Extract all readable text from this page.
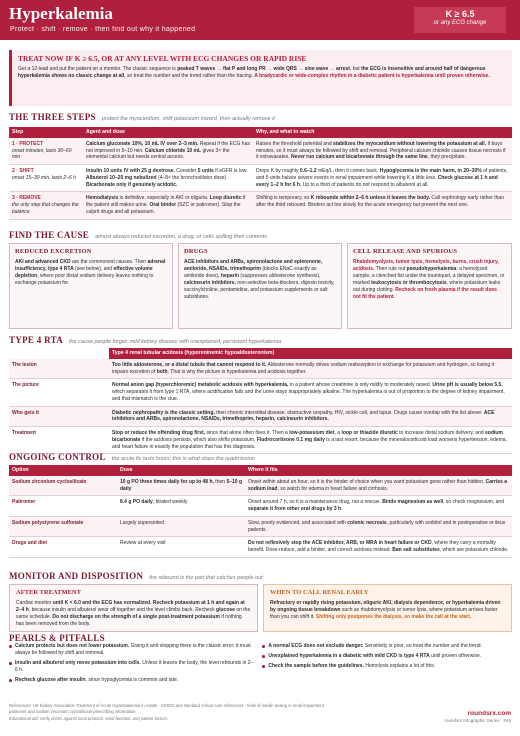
Hyperkalemia
Protect · shift · remove · then find out why it happened
K ≥ 6.5
or any ECG change
TREAT NOW IF K ≥ 6.5, OR AT ANY LEVEL WITH ECG CHANGES OR RAPID RISE

Get a 12-lead and put the patient on a monitor. The classic sequence is peaked T waves → flat P and long PR → wide QRS → sine wave → arrest, but the ECG is insensitive and around half of dangerous hyperkalemia shows no classic change at all, so treat the number and the trend rather than the tracing. A bradycardic or wide-complex rhythm in a diabetic patient is hyperkalemia until proven otherwise.

THE THREE STEPS protect the myocardium, shift potassium inward, then actually remove it
Step	Agent and dose	Why, and what to watch
1 · PROTECT
onset minutes, lasts 30–60 min	Calcium gluconate 10%, 10 mL IV over 2–3 min. Repeat if the ECG has not improved in 5–10 min. Calcium chloride 10 mL gives 3× the elemental calcium but needs central access.	Raises the threshold potential and stabilizes the myocardium without lowering the potassium at all. It buys minutes, so it must always be followed by shift and removal. Peripheral calcium chloride causes tissue necrosis if it extravasates. Never run calcium and bicarbonate through the same line, they precipitate.
2 · SHIFT
onset 15–30 min, lasts 2–6 h	Insulin 10 units IV with 25 g dextrose. Consider 5 units if eGFR is low. Albuterol 10–20 mg nebulized (4–8× the bronchodilator dose). Bicarbonate only if genuinely acidotic.	Drops K by roughly 0.6–1.2 mEq/L, then it comes back. Hypoglycemia is the main harm, in 20–30% of patients, and 5 units halves severe events in renal impairment while lowering K a little less. Check glucose at 1 h and every 1–2 h for 6 h. Up to a third of patients do not respond to albuterol at all.
3 · REMOVE
the only step that changes the balance	Hemodialysis is definitive, especially in AKI or oliguria. Loop diuretic if the patient still makes urine. Oral binder (SZC or patiromer). Stop the culprit drugs and all potassium.	Shifting is temporary, so K rebounds within 2–6 h unless it leaves the body. Call nephrology early rather than after the third rebound. Binders act too slowly for the acute emergency but prevent the next one.
FIND THE CAUSE almost always reduced excretion, a drug, or cells spilling their contents
REDUCED EXCRETION

AKI and advanced CKD are the commonest causes. Then adrenal insufficiency, type 4 RTA (see below), and effective volume depletion, where poor distal sodium delivery leaves nothing to exchange potassium for.

DRUGS

ACE inhibitors and ARBs, spironolactone and eplerenone, amiloride, NSAIDs, trimethoprim (blocks ENaC exactly as amiloride does), heparin (suppresses aldosterone synthesis), calcineurin inhibitors, non-selective beta-blockers, digoxin toxicity, succinylcholine, pentamidine, and potassium supplements or salt substitutes.

CELL RELEASE AND SPURIOUS

Rhabdomyolysis, tumor lysis, hemolysis, burns, crush injury, acidosis. Then rule out pseudohyperkalemia: a hemolyzed sample, a clenched fist under the tourniquet, a delayed specimen, or marked leukocytosis or thrombocytosis, where potassium leaks out during clotting. Recheck on fresh plasma if the result does not fit the patient.

TYPE 4 RTA the cause people forget: mild kidney disease with unexplained, persistent hyperkalemia
	Type 4 renal tubular acidosis (hyporeninemic hypoaldosteronism)
The lesion	Too little aldosterone, or a distal tubule that cannot respond to it. Aldosterone normally drives sodium reabsorption in exchange for potassium and hydrogen, so losing it impairs excretion of both. That is why the picture is hyperkalemia and acidosis together.
The picture	Normal anion gap (hyperchloremic) metabolic acidosis with hyperkalemia, in a patient whose creatinine is only mildly to moderately raised. Urine pH is usually below 5.5, which separates it from type 1 RTA, where acidification fails and the urine stays inappropriately alkaline. The hyperkalemia is out of proportion to the degree of kidney impairment, and that mismatch is the clue.
Who gets it	Diabetic nephropathy is the classic setting, then chronic interstitial disease, obstructive uropathy, HIV, sickle cell, and lupus. Drugs cause overlap with the list above: ACE inhibitors and ARBs, spironolactone, NSAIDs, trimethoprim, heparin, calcineurin inhibitors.
Treatment	Stop or reduce the offending drug first, since that alone often fixes it. Then a low-potassium diet, a loop or thiazide diuretic to increase distal sodium delivery, and sodium bicarbonate if the acidosis persists, which also shifts potassium. Fludrocortisone 0.1 mg daily is a last resort, because the mineralocorticoid load worsens hypertension, edema, and heart failure in exactly the population that has this diagnosis.
ONGOING CONTROL the acute fix lasts hours; this is what stops the readmission
Option	Dose	Where it fits
Sodium zirconium cyclosilicate	10 g PO three times daily for up to 48 h, then 5–10 g daily	Onset within about an hour, so it is the binder of choice when you want potassium gone rather than hidden. Carries a sodium load, so watch for edema in heart failure and cirrhosis.
Patiromer	8.4 g PO daily, titrated weekly	Onset around 7 h, so it is a maintenance drug, not a rescue. Binds magnesium as well, so check magnesium, and separate it from other oral drugs by 3 h.
Sodium polystyrene sulfonate	Largely superseded	Slow, poorly evidenced, and associated with colonic necrosis, particularly with sorbitol and in postoperative or ileus patients.
Drugs and diet	Review at every visit	Do not reflexively stop the ACE inhibitor, ARB, or MRA in heart failure or CKD, where they carry a mortality benefit. Dose-reduce, add a binder, and correct acidosis instead. Ban salt substitutes, which are potassium chloride.
MONITOR AND DISPOSITION the rebound is the part that catches people out
AFTER TREATMENT

Cardiac monitor until K < 6.0 and the ECG has normalized. Recheck potassium at 1 h and again at 2–4 h, because insulin and albuterol wear off together and the level climbs back. Recheck glucose on the same schedule. Do not discharge on the strength of a single post-treatment potassium if nothing has been removed from the body.

WHEN TO CALL RENAL EARLY

Refractory or rapidly rising potassium, oliguric AKI, dialysis dependence, or hyperkalemia driven by ongoing tissue breakdown such as rhabdomyolysis or tumor lysis, where potassium arrives faster than you can shift it. Shifting only postpones the dialysis, so make the call at the start.

PEARLS & PITFALLS
Calcium protects but does not lower potassium. Giving it and stopping there is the classic error; it must always be followed by shift and removal.
Insulin and albuterol only move potassium into cells. Unless it leaves the body, the level rebounds in 2–6 h.
Recheck glucose after insulin, since hypoglycemia is common and late.

A normal ECG does not exclude danger. Sensitivity is poor, so treat the number and the trend.
Unexplained hyperkalemia in a diabetic with mild CKD is type 4 RTA until proven otherwise.
Check the sample before the guidelines. Hemolysis explains a lot of this.
References: UK Kidney Association Treatment of Acute Hyperkalaemia in Adults · KDIGO and standard critical care references · trials of insulin dosing in renal impairment
patiromer and sodium zirconium cyclosilicate prescribing information
Educational aid: verify doses against local protocol, renal function, and patient factors.
roundsrx.com
roundsrx Infographic Series · #49
